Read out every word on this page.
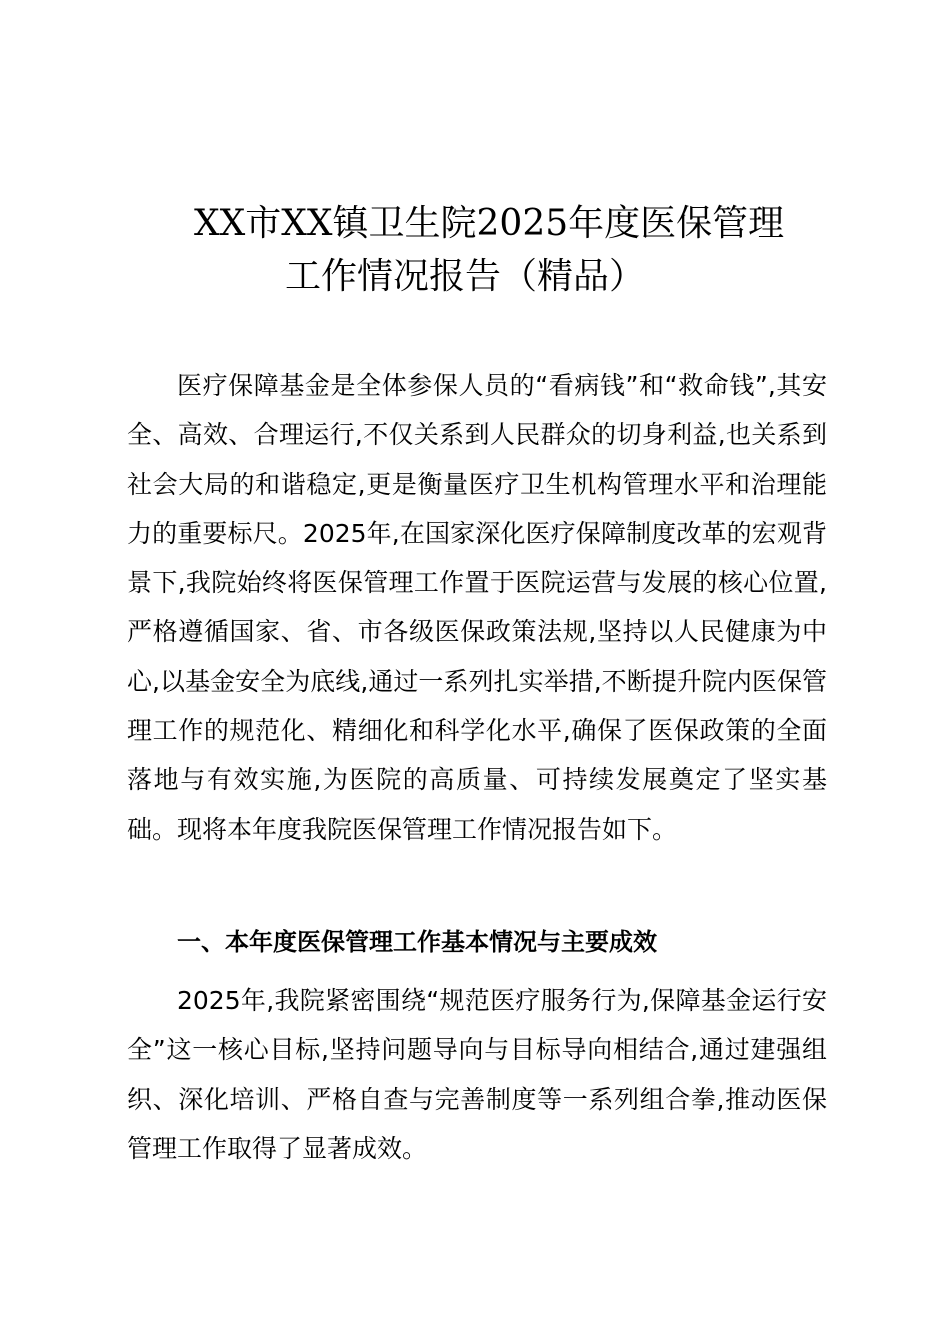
XX市XX镇卫生院2025年度医保管理
工作情况报告（精品）

医疗保障基金是全体参保人员的“看病钱”和“救命钱”,其安全、高效、合理运行,不仅关系到人民群众的切身利益,也关系到社会大局的和谐稳定,更是衡量医疗卫生机构管理水平和治理能力的重要标尺。2025年,在国家深化医疗保障制度改革的宏观背景下,我院始终将医保管理工作置于医院运营与发展的核心位置,严格遵循国家、省、市各级医保政策法规,坚持以人民健康为中心,以基金安全为底线,通过一系列扎实举措,不断提升院内医保管理工作的规范化、精细化和科学化水平,确保了医保政策的全面落地与有效实施,为医院的高质量、可持续发展奠定了坚实基础。现将本年度我院医保管理工作情况报告如下。

一、本年度医保管理工作基本情况与主要成效

2025年,我院紧密围绕“规范医疗服务行为,保障基金运行安全”这一核心目标,坚持问题导向与目标导向相结合,通过建强组织、深化培训、严格自查与完善制度等一系列组合拳,推动医保管理工作取得了显著成效。
